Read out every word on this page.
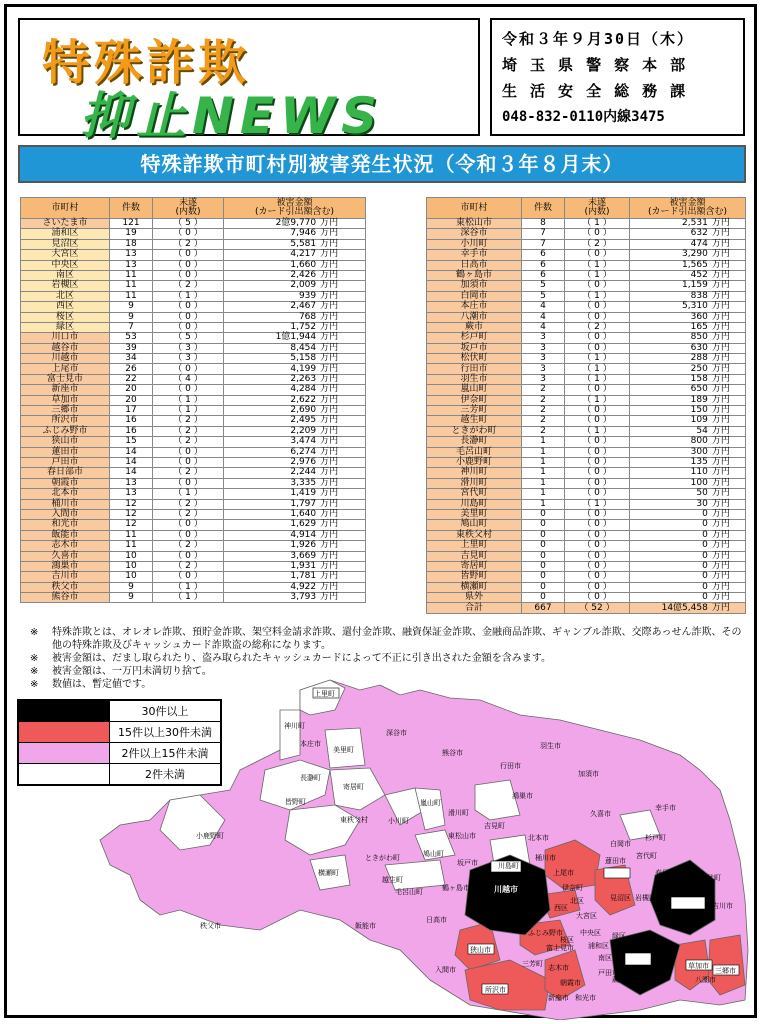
特殊詐欺
抑止NEWS
令和３年９月30日（木）
埼 玉 県 警 察 本 部
生 活 安 全 総 務 課
048-832-0110内線3475
特殊詐欺市町村別被害発生状況（令和３年８月末）
市町村	件数	未遂
(内数)	被害金額
(カード引出額含む)	
さいたま市	121	（ 5 ）	2億9,770	万円
浦和区	19	（ 0 ）	7,946	万円
見沼区	18	（ 2 ）	5,581	万円
大宮区	13	（ 0 ）	4,217	万円
中央区	13	（ 0 ）	1,660	万円
南区	11	（ 0 ）	2,426	万円
岩槻区	11	（ 2 ）	2,009	万円
北区	11	（ 1 ）	939	万円
西区	9	（ 0 ）	2,467	万円
桜区	9	（ 0 ）	768	万円
緑区	7	（ 0 ）	1,752	万円
川口市	53	（ 5 ）	1億1,944	万円
越谷市	39	（ 3 ）	8,454	万円
川越市	34	（ 3 ）	5,158	万円
上尾市	26	（ 0 ）	4,199	万円
富士見市	22	（ 4 ）	2,263	万円
新座市	20	（ 0 ）	4,284	万円
草加市	20	（ 1 ）	2,622	万円
三郷市	17	（ 1 ）	2,690	万円
所沢市	16	（ 2 ）	2,495	万円
ふじみ野市	16	（ 2 ）	2,209	万円
狭山市	15	（ 2 ）	3,474	万円
蓮田市	14	（ 0 ）	6,274	万円
戸田市	14	（ 0 ）	2,976	万円
春日部市	14	（ 2 ）	2,244	万円
朝霞市	13	（ 0 ）	3,335	万円
北本市	13	（ 1 ）	1,419	万円
桶川市	12	（ 2 ）	1,797	万円
入間市	12	（ 2 ）	1,640	万円
和光市	12	（ 0 ）	1,629	万円
飯能市	11	（ 0 ）	4,914	万円
志木市	11	（ 2 ）	1,926	万円
久喜市	10	（ 0 ）	3,669	万円
鴻巣市	10	（ 2 ）	1,931	万円
吉川市	10	（ 0 ）	1,781	万円
秩父市	9	（ 1 ）	4,922	万円
熊谷市	9	（ 1 ）	3,793	万円
市町村	件数	未遂
(内数)	被害金額
(カード引出額含む)	
東松山市	8	（ 1 ）	2,531	万円
深谷市	7	（ 0 ）	632	万円
小川町	7	（ 2 ）	474	万円
幸手市	6	（ 0 ）	3,290	万円
日高市	6	（ 1 ）	1,565	万円
鶴ヶ島市	6	（ 1 ）	452	万円
加須市	5	（ 0 ）	1,159	万円
白岡市	5	（ 1 ）	838	万円
本庄市	4	（ 0 ）	5,310	万円
八潮市	4	（ 0 ）	360	万円
蕨市	4	（ 2 ）	165	万円
杉戸町	3	（ 0 ）	850	万円
坂戸市	3	（ 0 ）	630	万円
松伏町	3	（ 1 ）	288	万円
行田市	3	（ 1 ）	250	万円
羽生市	3	（ 1 ）	158	万円
嵐山町	2	（ 0 ）	650	万円
伊奈町	2	（ 1 ）	189	万円
三芳町	2	（ 0 ）	150	万円
越生町	2	（ 0 ）	109	万円
ときがわ町	2	（ 1 ）	54	万円
長瀞町	1	（ 0 ）	800	万円
毛呂山町	1	（ 0 ）	300	万円
小鹿野町	1	（ 0 ）	135	万円
神川町	1	（ 0 ）	110	万円
滑川町	1	（ 0 ）	100	万円
宮代町	1	（ 0 ）	50	万円
川島町	1	（ 1 ）	30	万円
美里町	0	（ 0 ）	0	万円
鳩山町	0	（ 0 ）	0	万円
東秩父村	0	（ 0 ）	0	万円
上里町	0	（ 0 ）	0	万円
吉見町	0	（ 0 ）	0	万円
寄居町	0	（ 0 ）	0	万円
皆野町	0	（ 0 ）	0	万円
横瀬町	0	（ 0 ）	0	万円
県外	0	（ 0 ）	0	万円
合計	667	（ 52 ）	14億5,458	万円
※	特殊詐欺とは、オレオレ詐欺、預貯金詐欺、架空料金請求詐欺、還付金詐欺、融資保証金詐欺、金融商品詐欺、ギャンブル詐欺、交際あっせん詐欺、その他の特殊詐欺及びキャッシュカード詐欺盗の総称になります。
※	被害金額は、だまし取られたり、盗み取られたキャッシュカードによって不正に引き出された金額を含みます。
※	被害金額は、一万円未満切り捨て。
※	数値は、暫定値です。
上里町
神川町
本庄市
美里町
深谷市
熊谷市
行田市
羽生市
加須市
長瀞町
寄居町
久喜市
幸手市
杉戸町
皆野町
東秩父村	小川町
嵐山町
滑川町
鴻巣市
吉見町
北本市
白岡市
宮代町
小鹿野町	東松山市
桶川市	蓮田市
春日部市
松伏町
ときがわ町	鳩山町
川島町
上尾市
伊奈町
見沼区 岩槻区
横瀬町
越生町
坂戸市
毛呂山町	鶴ヶ島市	川越市
西区
北区
大宮区
越谷市 吉川市
秩父市
日高市
飯能市
狭山市
ふじみ野市
富士見市
中央区
桜区
浦和区
緑区
入間市
三芳町
所沢市
志木市
朝霞市
新座市 和光市
南区
戸田市
蕨市
川口市
草加市
八潮市
三郷市
	30件以上
	15件以上30件未満
	2件以上15件未満
	2件未満
